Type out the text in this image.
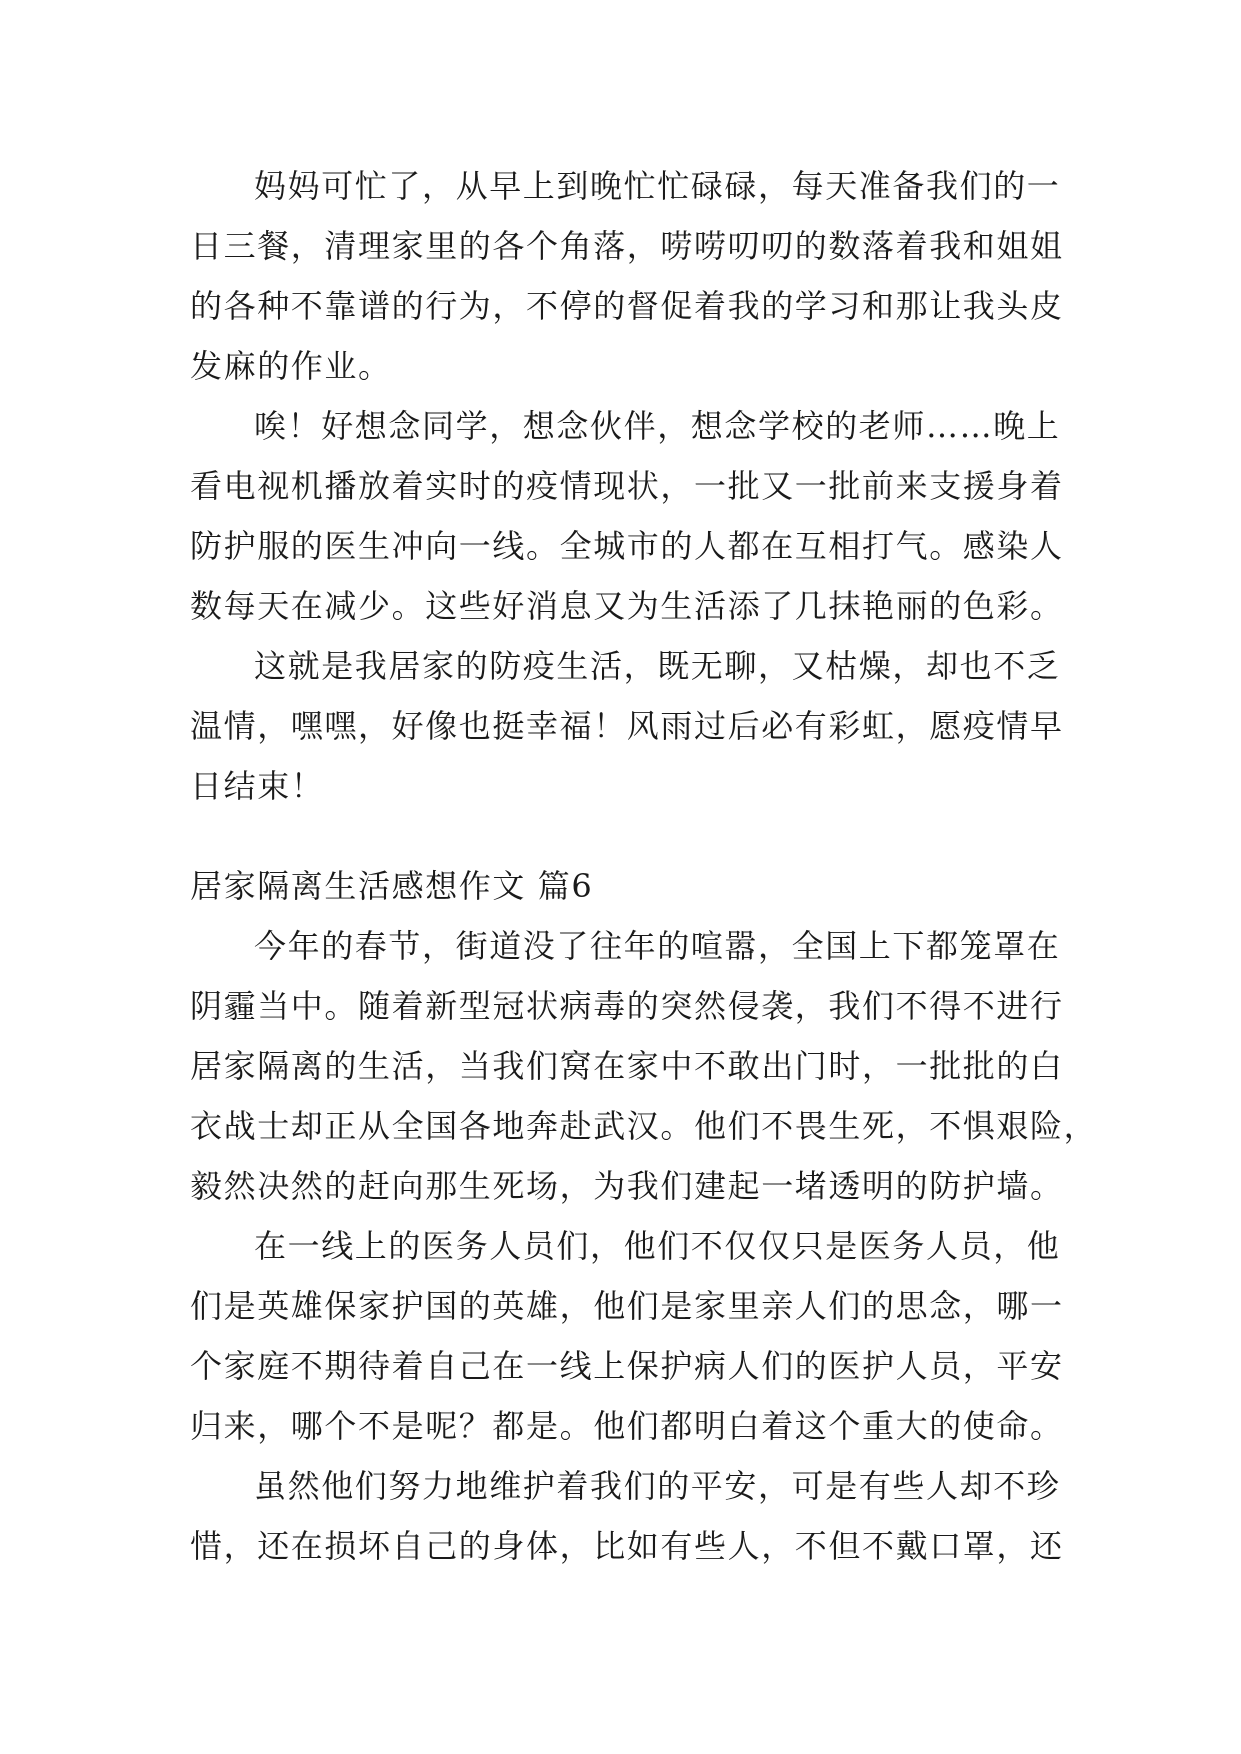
妈妈可忙了，从早上到晚忙忙碌碌，每天准备我们的一
日三餐，清理家里的各个角落，唠唠叨叨的数落着我和姐姐
的各种不靠谱的行为，不停的督促着我的学习和那让我头皮
发麻的作业。
唉！好想念同学，想念伙伴，想念学校的老师……晚上
看电视机播放着实时的疫情现状，一批又一批前来支援身着
防护服的医生冲向一线。全城市的人都在互相打气。感染人
数每天在减少。这些好消息又为生活添了几抹艳丽的色彩。
这就是我居家的防疫生活，既无聊，又枯燥，却也不乏
温情，嘿嘿，好像也挺幸福！风雨过后必有彩虹，愿疫情早
日结束！
居家隔离生活感想作文 篇6
今年的春节，街道没了往年的喧嚣，全国上下都笼罩在
阴霾当中。随着新型冠状病毒的突然侵袭，我们不得不进行
居家隔离的生活，当我们窝在家中不敢出门时，一批批的白
衣战士却正从全国各地奔赴武汉。他们不畏生死，不惧艰险，
毅然决然的赶向那生死场，为我们建起一堵透明的防护墙。
在一线上的医务人员们，他们不仅仅只是医务人员，他
们是英雄保家护国的英雄，他们是家里亲人们的思念，哪一
个家庭不期待着自己在一线上保护病人们的医护人员，平安
归来，哪个不是呢？都是。他们都明白着这个重大的使命。
虽然他们努力地维护着我们的平安，可是有些人却不珍
惜，还在损坏自己的身体，比如有些人，不但不戴口罩，还
